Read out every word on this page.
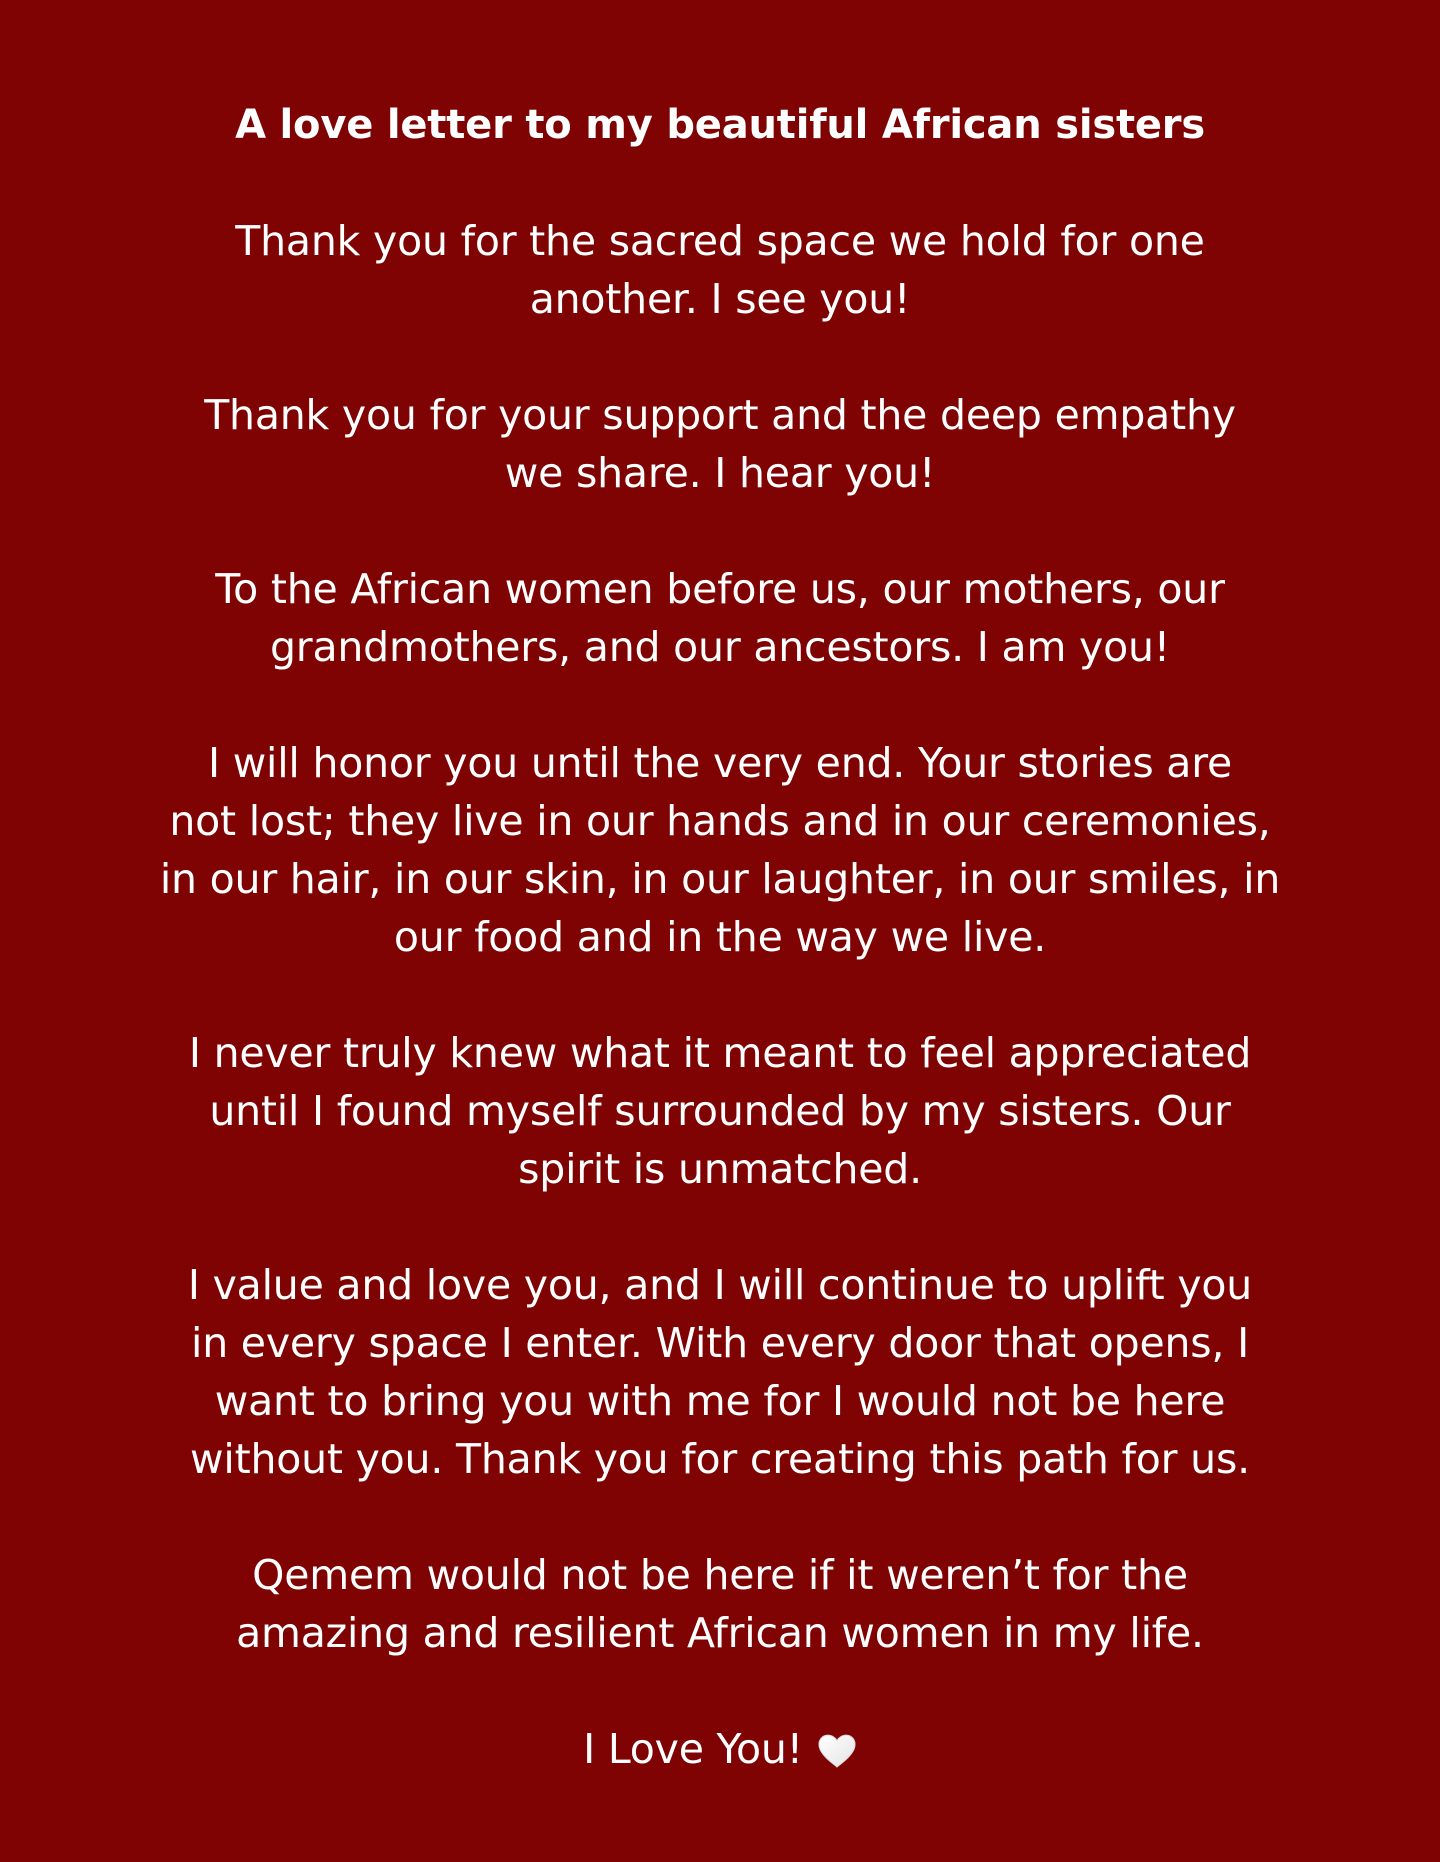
A love letter to my beautiful African sisters

Thank you for the sacred space we hold for one
another. I see you!

Thank you for your support and the deep empathy
we share. I hear you!

To the African women before us, our mothers, our
grandmothers, and our ancestors. I am you!

I will honor you until the very end. Your stories are
not lost; they live in our hands and in our ceremonies,
in our hair, in our skin, in our laughter, in our smiles, in
our food and in the way we live.

I never truly knew what it meant to feel appreciated
until I found myself surrounded by my sisters. Our
spirit is unmatched.

I value and love you, and I will continue to uplift you
in every space I enter. With every door that opens, I
want to bring you with me for I would not be here
without you. Thank you for creating this path for us.

Qemem would not be here if it weren’t for the
amazing and resilient African women in my life.

I Love You!
